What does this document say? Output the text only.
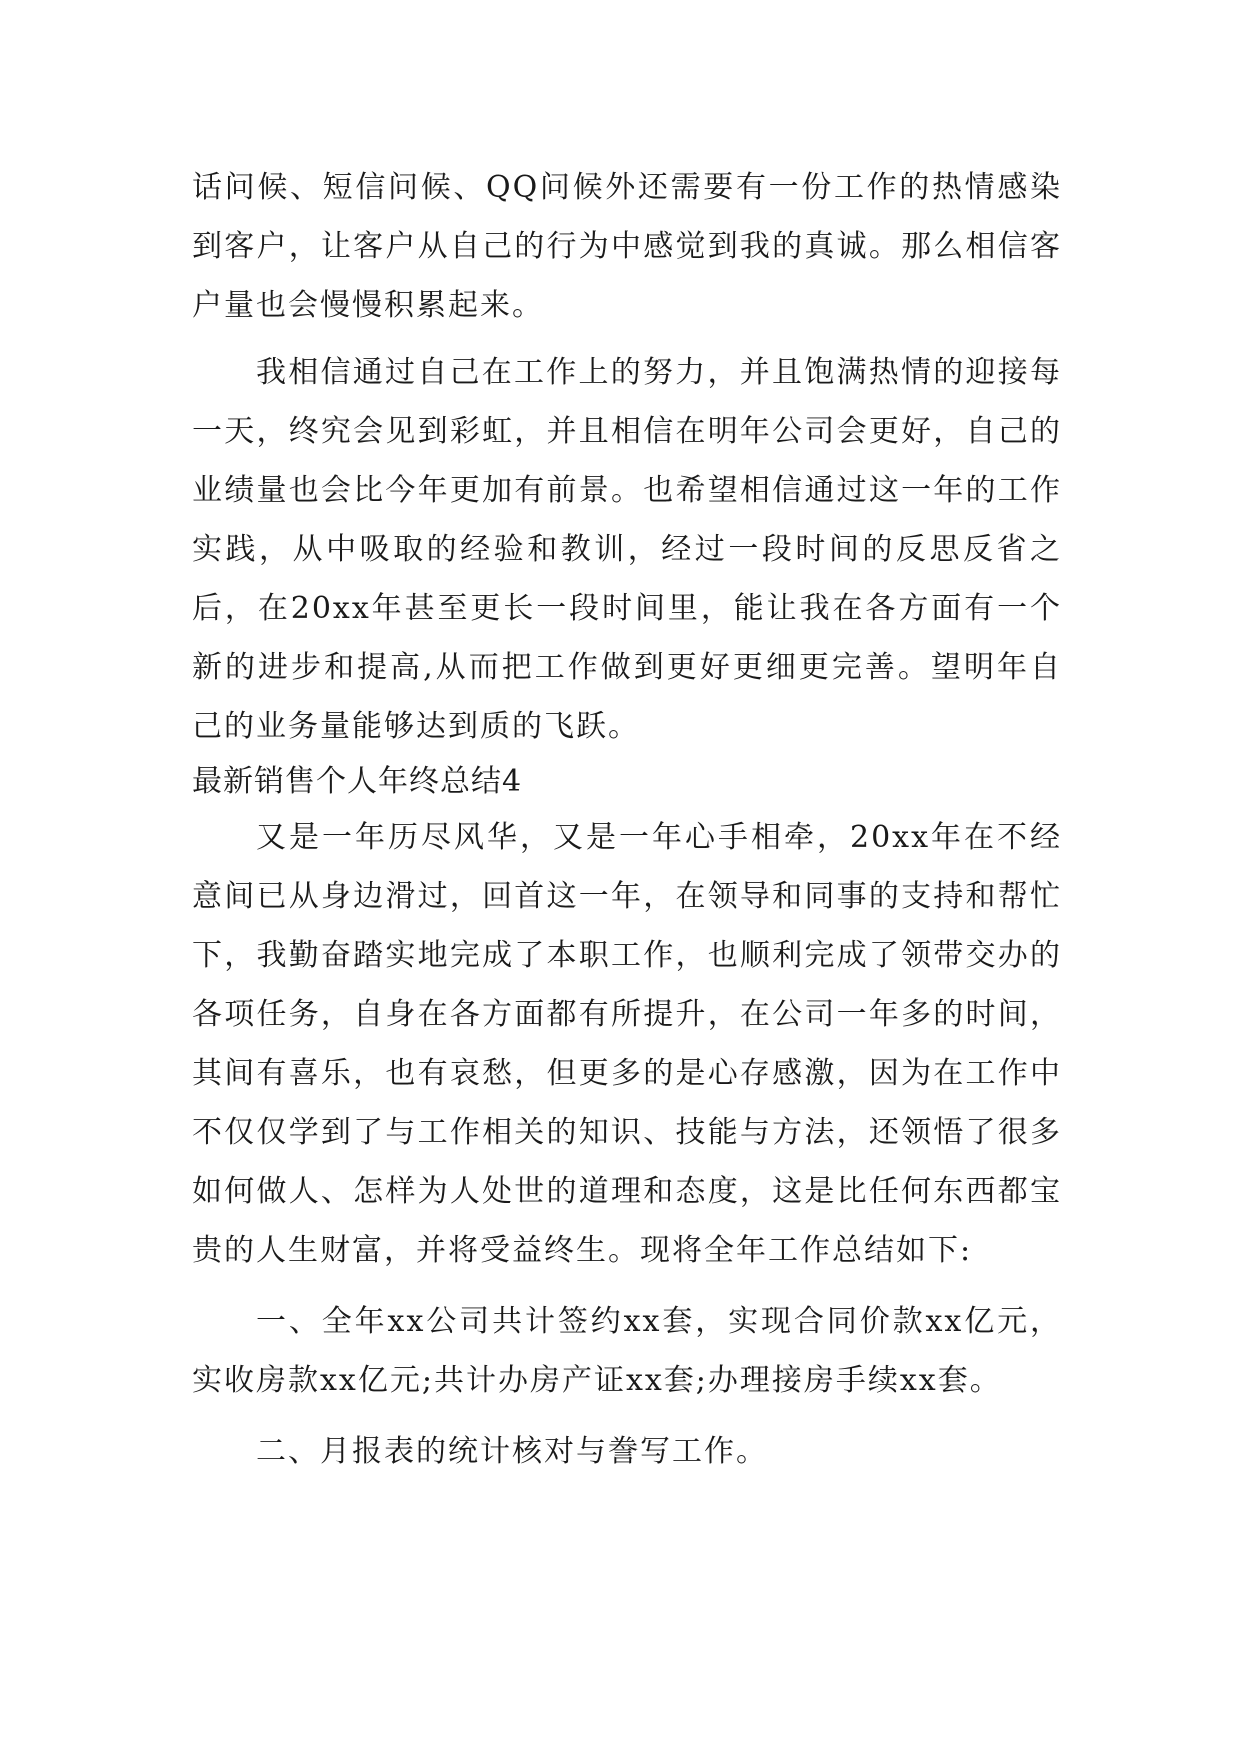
话问候、短信问候、QQ问候外还需要有一份工作的热情感染到客户，让客户从自己的行为中感觉到我的真诚。那么相信客户量也会慢慢积累起来。

我相信通过自己在工作上的努力，并且饱满热情的迎接每一天，终究会见到彩虹，并且相信在明年公司会更好，自己的业绩量也会比今年更加有前景。也希望相信通过这一年的工作实践，从中吸取的经验和教训，经过一段时间的反思反省之后，在20xx年甚至更长一段时间里，能让我在各方面有一个新的进步和提高,从而把工作做到更好更细更完善。望明年自己的业务量能够达到质的飞跃。

最新销售个人年终总结4

又是一年历尽风华，又是一年心手相牵，20xx年在不经意间已从身边滑过，回首这一年，在领导和同事的支持和帮忙下，我勤奋踏实地完成了本职工作，也顺利完成了领带交办的各项任务，自身在各方面都有所提升，在公司一年多的时间，其间有喜乐，也有哀愁，但更多的是心存感激，因为在工作中不仅仅学到了与工作相关的知识、技能与方法，还领悟了很多如何做人、怎样为人处世的道理和态度，这是比任何东西都宝贵的人生财富，并将受益终生。现将全年工作总结如下:

一、全年xx公司共计签约xx套，实现合同价款xx亿元，实收房款xx亿元;共计办房产证xx套;办理接房手续xx套。

二、月报表的统计核对与誊写工作。
